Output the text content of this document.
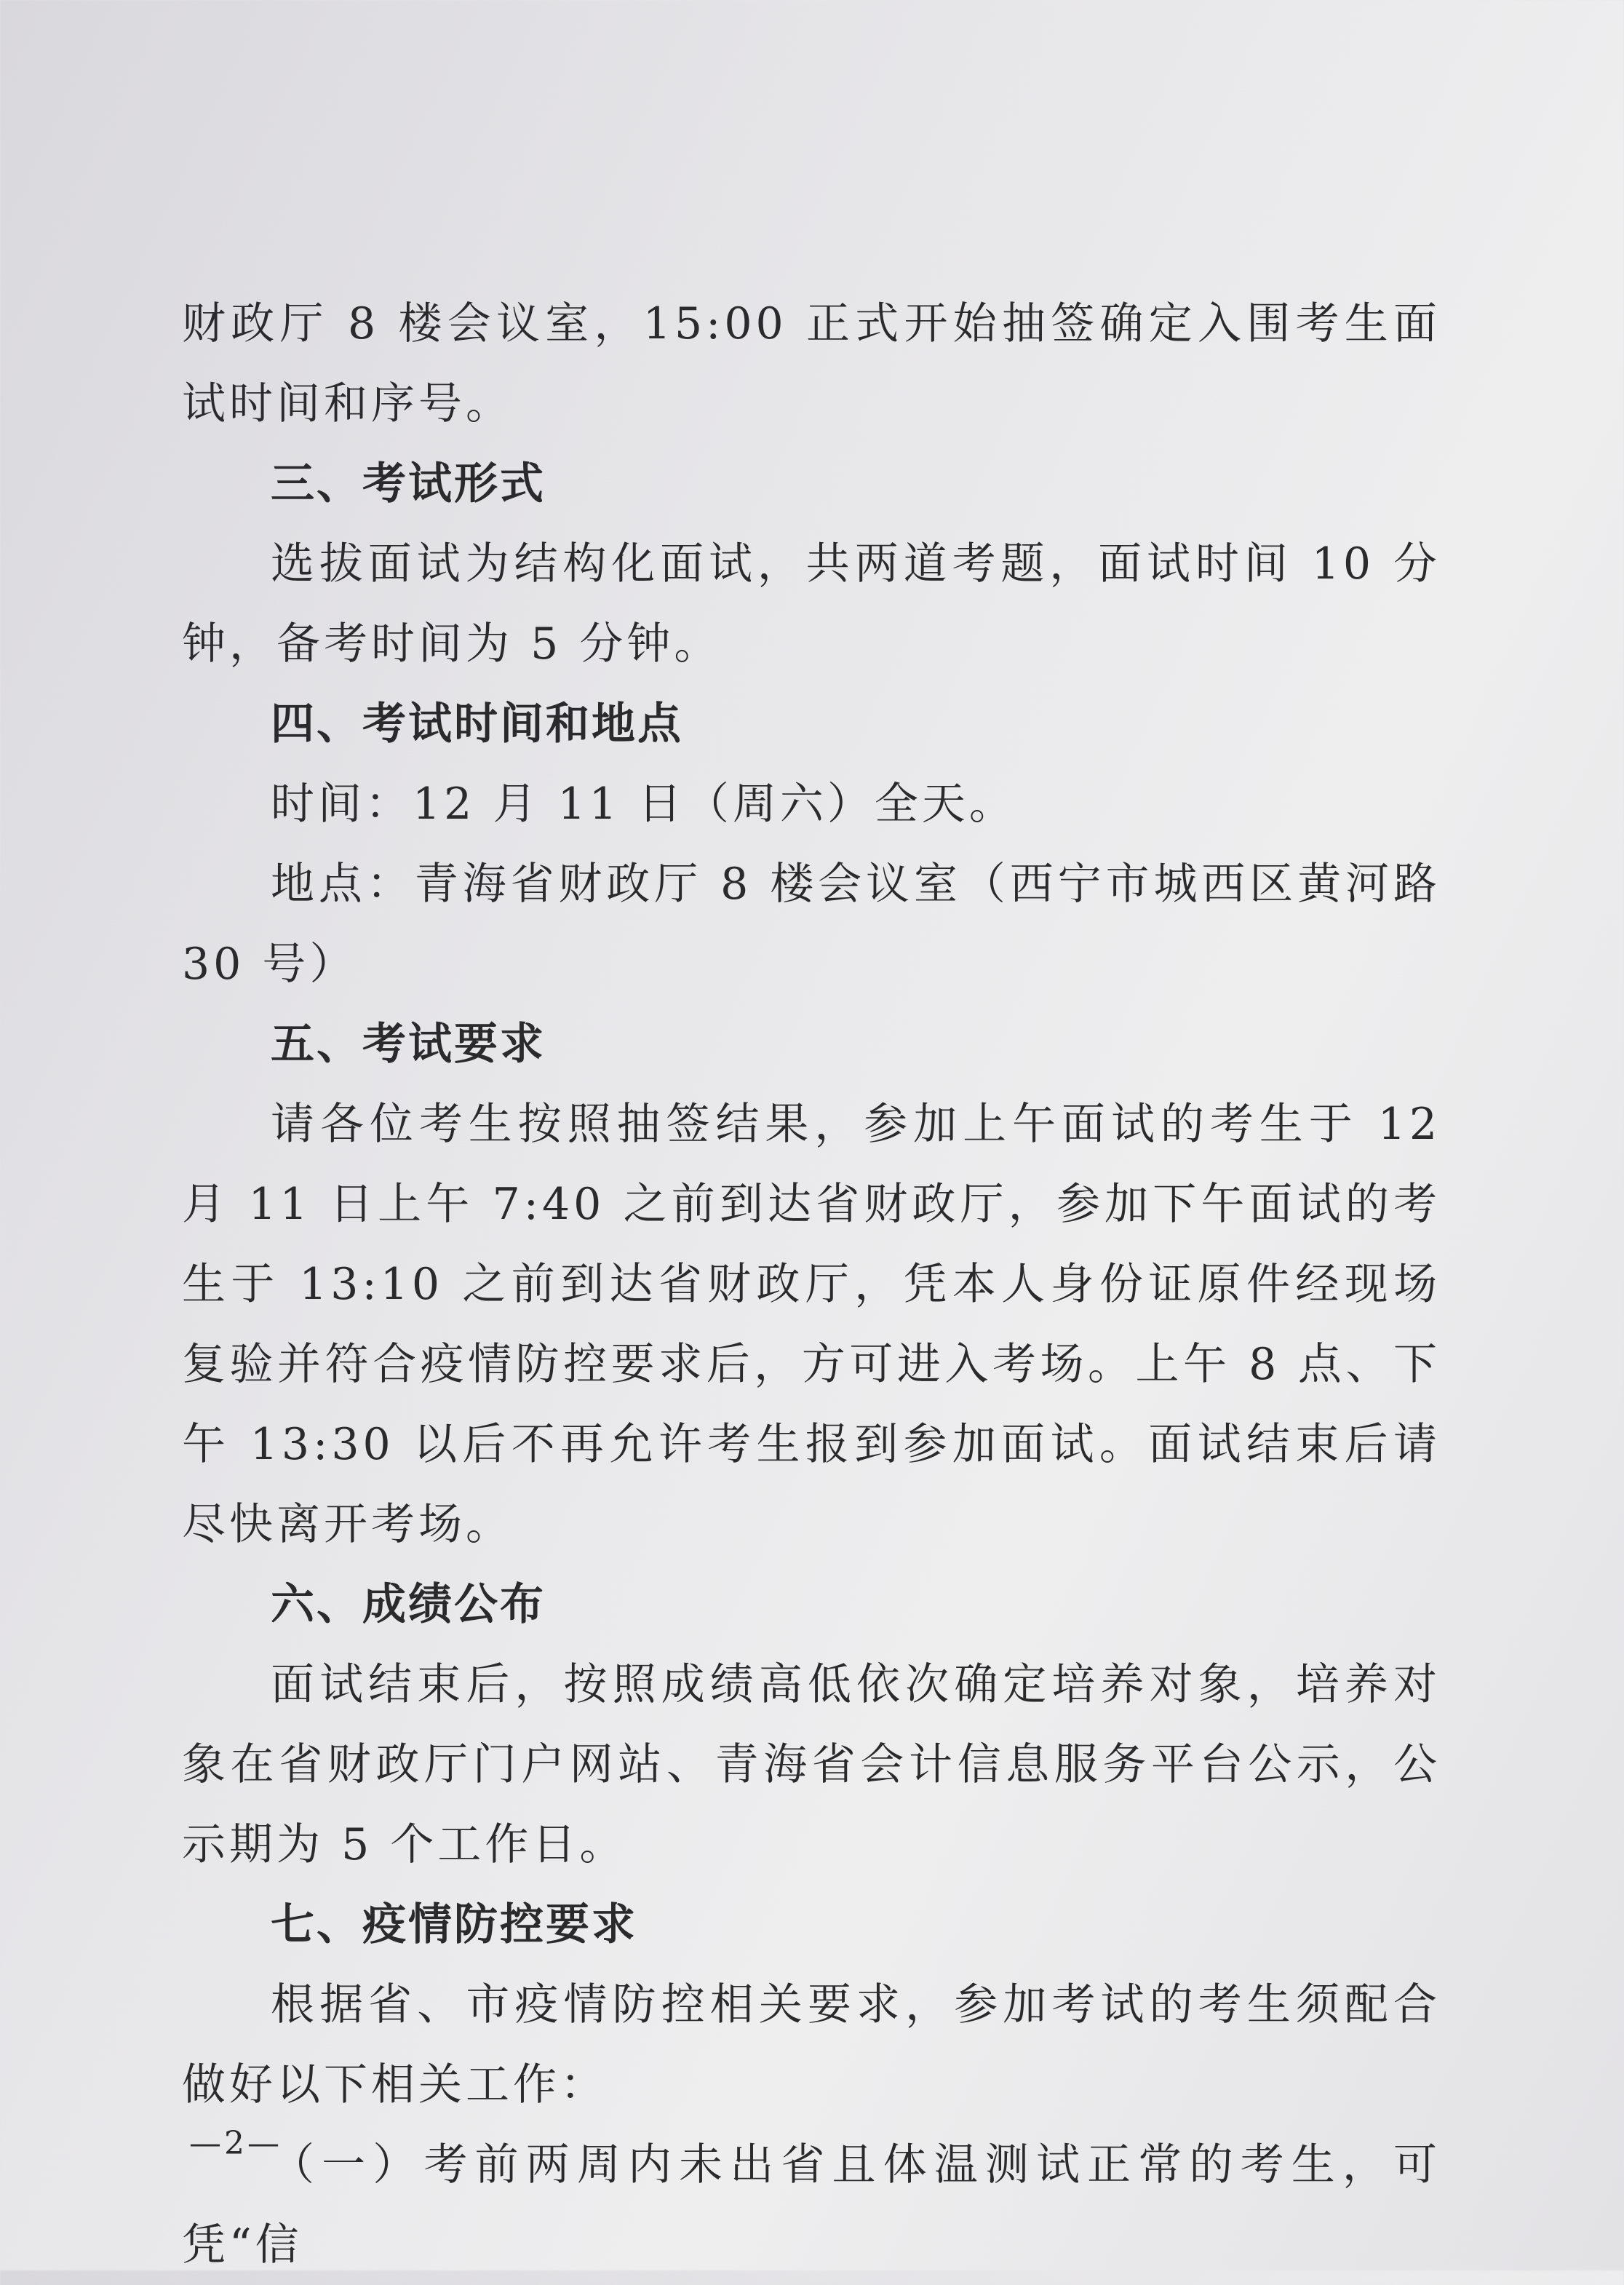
财政厅 8 楼会议室，15:00 正式开始抽签确定入围考生面试时间和序号。

三、考试形式

选拔面试为结构化面试，共两道考题，面试时间 10 分钟，备考时间为 5 分钟。

四、考试时间和地点

时间：12 月 11 日（周六）全天。

地点：青海省财政厅 8 楼会议室（西宁市城西区黄河路 30 号）

五、考试要求

请各位考生按照抽签结果，参加上午面试的考生于 12 月 11 日上午 7:40 之前到达省财政厅，参加下午面试的考生于 13:10 之前到达省财政厅，凭本人身份证原件经现场复验并符合疫情防控要求后，方可进入考场。上午 8 点、下午 13:30 以后不再允许考生报到参加面试。面试结束后请尽快离开考场。

六、成绩公布

面试结束后，按照成绩高低依次确定培养对象，培养对象在省财政厅门户网站、青海省会计信息服务平台公示，公示期为 5 个工作日。

七、疫情防控要求

根据省、市疫情防控相关要求，参加考试的考生须配合做好以下相关工作：

（一）考前两周内未出省且体温测试正常的考生，可凭“信

—2—
